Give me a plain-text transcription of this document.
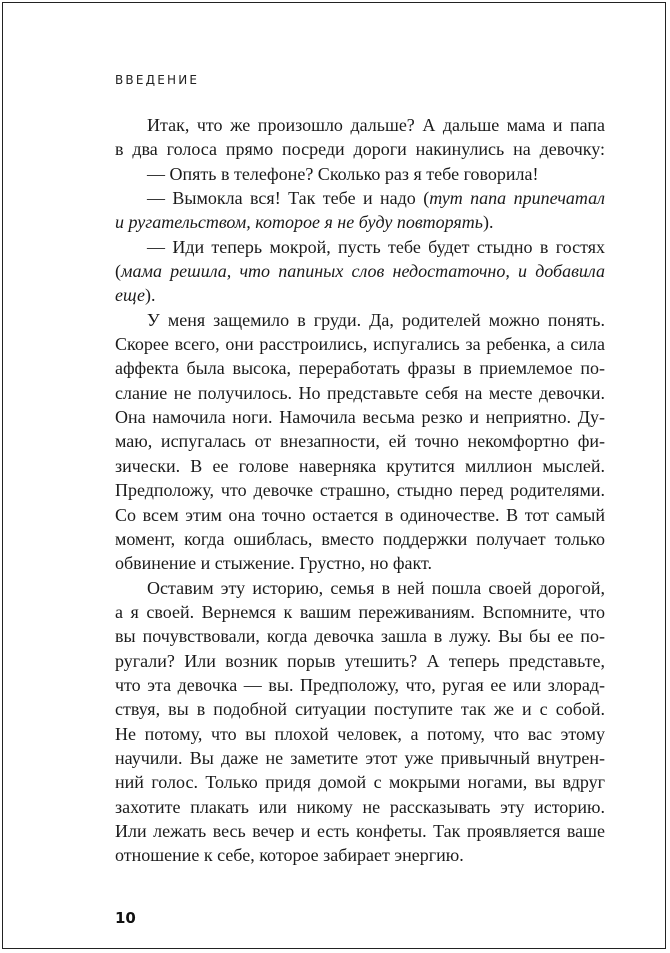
ВВЕДЕНИЕ
Итак, что же произошло дальше? А дальше мама и папа
в два голоса прямо посреди дороги накинулись на девочку:
— Опять в телефоне? Сколько раз я тебе говорила!
— Вымокла вся! Так тебе и надо (тут папа припечатал
и ругательством, которое я не буду повторять).
— Иди теперь мокрой, пусть тебе будет стыдно в гостях
(мама решила, что папиных слов недостаточно, и добавила
еще).
У меня защемило в груди. Да, родителей можно понять.
Скорее всего, они расстроились, испугались за ребенка, а сила
аффекта была высока, переработать фразы в приемлемое по-
слание не получилось. Но представьте себя на месте девочки.
Она намочила ноги. Намочила весьма резко и неприятно. Ду-
маю, испугалась от внезапности, ей точно некомфортно фи-
зически. В ее голове наверняка крутится миллион мыслей.
Предположу, что девочке страшно, стыдно перед родителями.
Со всем этим она точно остается в одиночестве. В тот самый
момент, когда ошиблась, вместо поддержки получает только
обвинение и стыжение. Грустно, но факт.
Оставим эту историю, семья в ней пошла своей дорогой,
а я своей. Вернемся к вашим переживаниям. Вспомните, что
вы почувствовали, когда девочка зашла в лужу. Вы бы ее по-
ругали? Или возник порыв утешить? А теперь представьте,
что эта девочка — вы. Предположу, что, ругая ее или злорад-
ствуя, вы в подобной ситуации поступите так же и с собой.
Не потому, что вы плохой человек, а потому, что вас этому
научили. Вы даже не заметите этот уже привычный внутрен-
ний голос. Только придя домой с мокрыми ногами, вы вдруг
захотите плакать или никому не рассказывать эту историю.
Или лежать весь вечер и есть конфеты. Так проявляется ваше
отношение к себе, которое забирает энергию.
10
